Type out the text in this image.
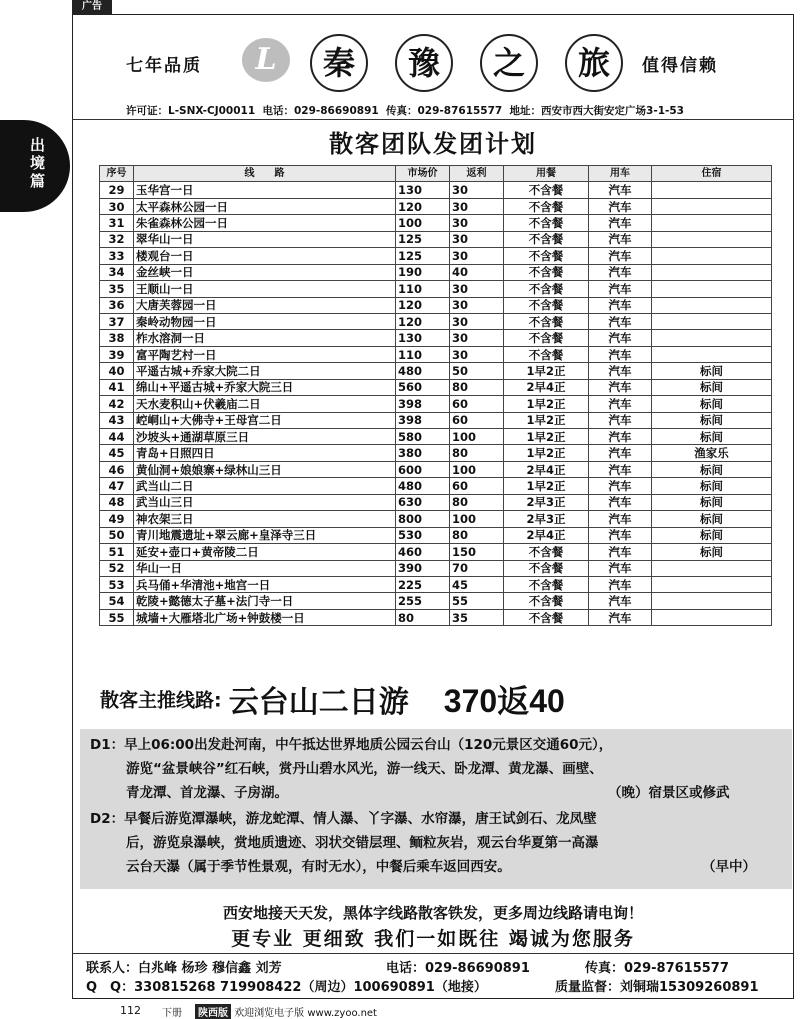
广告
出境篇
七年品质	L	秦	豫	之	旅	值得信赖
许可证：L-SNX-CJ00011 电话：029-86690891 传真：029-87615577 地址：西安市西大街安定广场3-1-53
散客团队发团计划
序号	线　　路	市场价	返利	用餐	用车	住宿
29	玉华宫一日	130	30	不含餐	汽车	
30	太平森林公园一日	120	30	不含餐	汽车	
31	朱雀森林公园一日	100	30	不含餐	汽车	
32	翠华山一日	125	30	不含餐	汽车	
33	楼观台一日	125	30	不含餐	汽车	
34	金丝峡一日	190	40	不含餐	汽车	
35	王顺山一日	110	30	不含餐	汽车	
36	大唐芙蓉园一日	120	30	不含餐	汽车	
37	秦岭动物园一日	120	30	不含餐	汽车	
38	柞水溶洞一日	130	30	不含餐	汽车	
39	富平陶艺村一日	110	30	不含餐	汽车	
40	平遥古城+乔家大院二日	480	50	1早2正	汽车	标间
41	绵山+平遥古城+乔家大院三日	560	80	2早4正	汽车	标间
42	天水麦积山+伏羲庙二日	398	60	1早2正	汽车	标间
43	崆峒山+大佛寺+王母宫二日	398	60	1早2正	汽车	标间
44	沙坡头+通湖草原三日	580	100	1早2正	汽车	标间
45	青岛+日照四日	380	80	1早2正	汽车	渔家乐
46	黄仙洞+娘娘寨+绿林山三日	600	100	2早4正	汽车	标间
47	武当山二日	480	60	1早2正	汽车	标间
48	武当山三日	630	80	2早3正	汽车	标间
49	神农架三日	800	100	2早3正	汽车	标间
50	青川地震遗址+翠云廊+皇泽寺三日	530	80	2早4正	汽车	标间
51	延安+壶口+黄帝陵二日	460	150	不含餐	汽车	标间
52	华山一日	390	70	不含餐	汽车	
53	兵马俑+华清池+地宫一日	225	45	不含餐	汽车	
54	乾陵+懿德太子墓+法门寺一日	255	55	不含餐	汽车	
55	城墙+大雁塔北广场+钟鼓楼一日	80	35	不含餐	汽车	
散客主推线路: 云台山二日游 370返40

D1：早上06:00出发赴河南，中午抵达世界地质公园云台山（120元景区交通60元），

游览“盆景峡谷”红石峡，赏丹山碧水风光，游一线天、卧龙潭、黄龙瀑、画壁、

青龙潭、首龙瀑、子房湖。	（晚）宿景区或修武

D2：早餐后游览潭瀑峡，游龙蛇潭、情人瀑、丫字瀑、水帘瀑，唐王试剑石、龙凤壁

后，游览泉瀑峡，赏地质遗迹、羽状交错层理、鲕粒灰岩，观云台华夏第一高瀑

云台天瀑（属于季节性景观，有时无水），中餐后乘车返回西安。	（早中）

西安地接天天发，黑体字线路散客铁发，更多周边线路请电询！
更专业 更细致 我们一如既往 竭诚为您服务
联系人：白兆峰 杨珍 穆信鑫 刘芳	电话：029-86690891	传真：029-87615577
Q　Q：330815268 719908422（周边）100690891（地接）	质量监督：刘铜瑞15309260891
112 下册	陕西版 欢迎浏览电子版 www.zyoo.net
